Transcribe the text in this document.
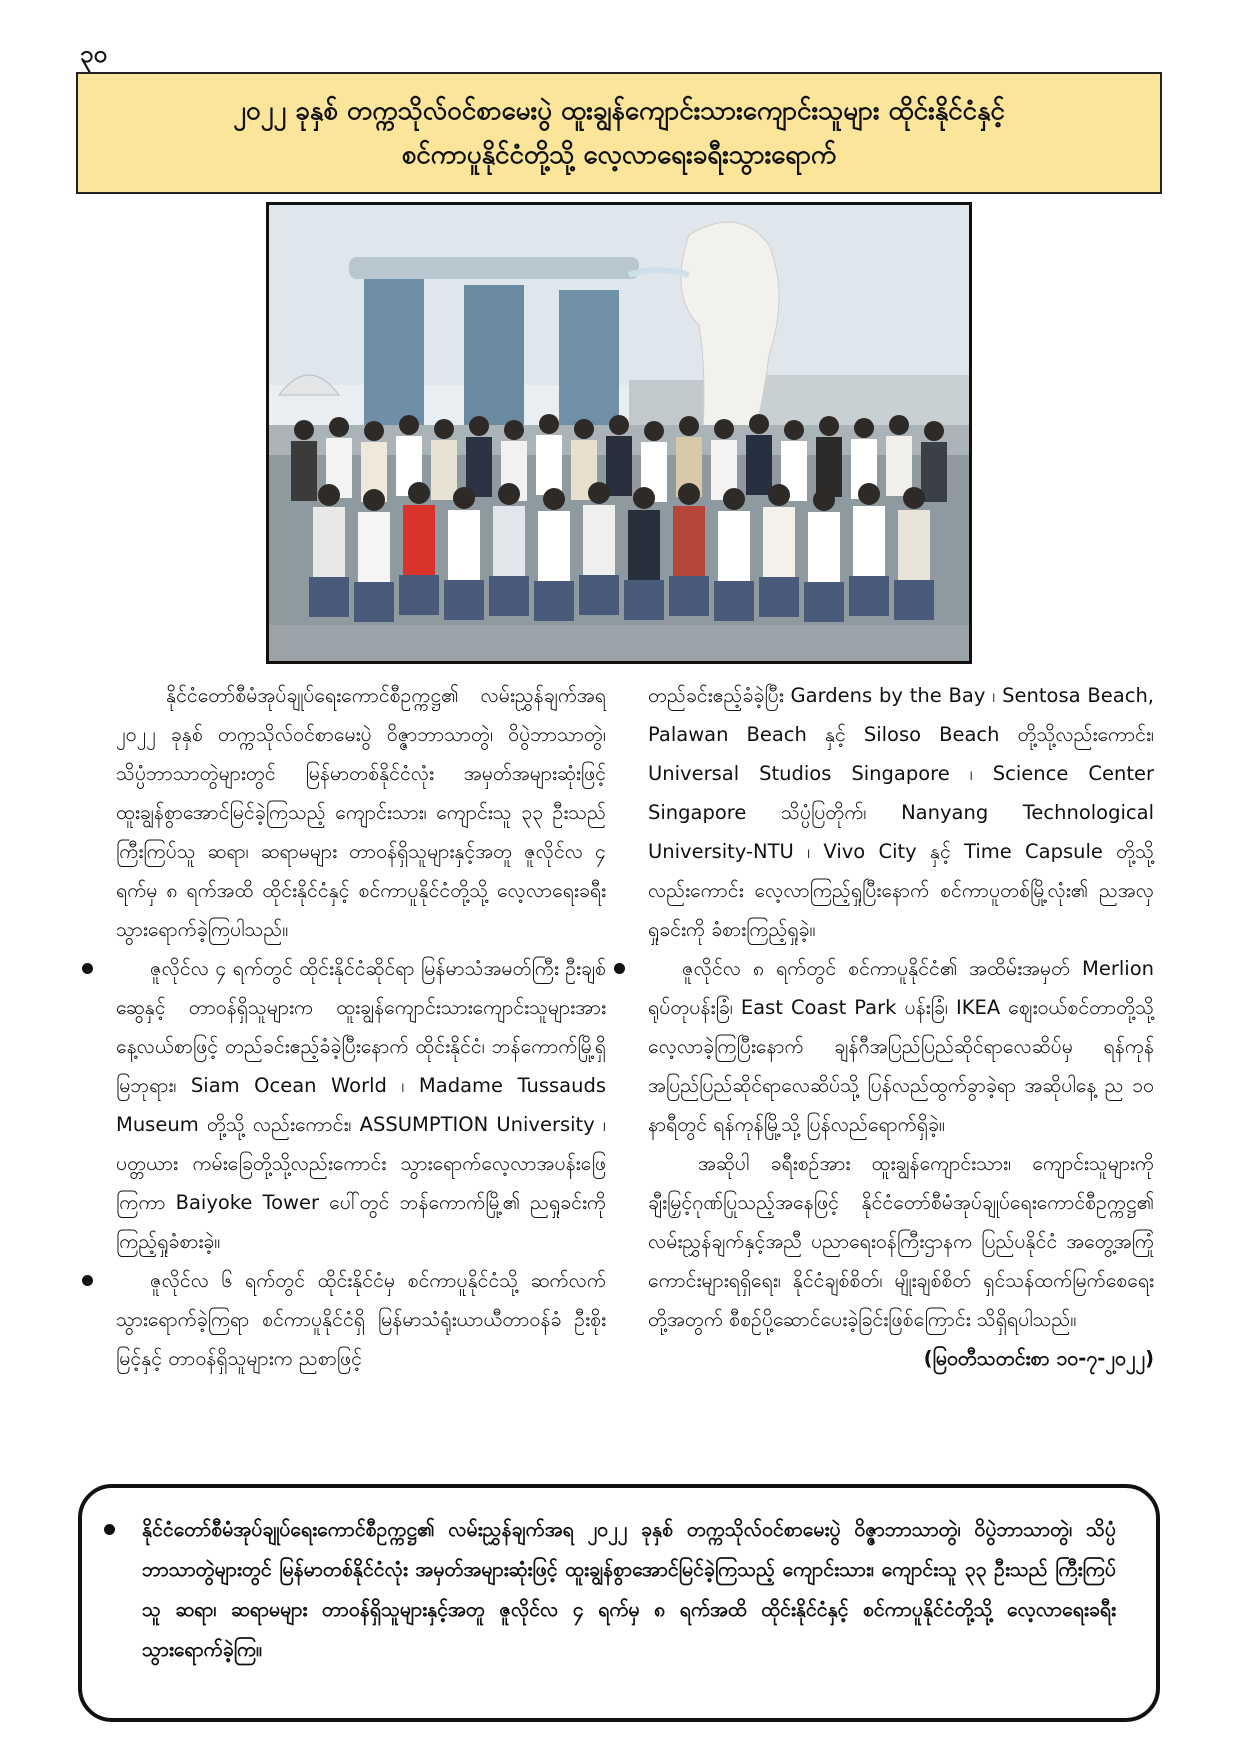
၃၀
၂၀၂၂ ခုနှစ် တက္ကသိုလ်ဝင်စာမေးပွဲ ထူးချွန်ကျောင်းသားကျောင်းသူများ ထိုင်းနိုင်ငံနှင့်
စင်ကာပူနိုင်ငံတို့သို့ လေ့လာရေးခရီးသွားရောက်

နိုင်ငံတော်စီမံအုပ်ချုပ်ရေးကောင်စီဥက္ကဋ္ဌ၏ လမ်းညွှန်ချက်အရ ၂၀၂၂ ခုနှစ် တက္ကသိုလ်ဝင်စာမေးပွဲ ဝိဇ္ဇာဘာသာတွဲ၊ ဝိပွဲဘာသာတွဲ၊ သိပ္ပံဘာသာတွဲများတွင် မြန်မာတစ်နိုင်ငံလုံး အမှတ်အများဆုံးဖြင့် ထူးချွန်စွာအောင်မြင်ခဲ့ကြသည့် ကျောင်းသား၊ ကျောင်းသူ ၃၃ ဦးသည် ကြီးကြပ်သူ ဆရာ၊ ဆရာမများ တာဝန်ရှိသူများနှင့်အတူ ဇူလိုင်လ ၄ ရက်မှ ၈ ရက်အထိ ထိုင်းနိုင်ငံနှင့် စင်ကာပူနိုင်ငံတို့သို့ လေ့လာရေးခရီး သွားရောက်ခဲ့ကြပါသည်။

ဇူလိုင်လ ၄ ရက်တွင် ထိုင်းနိုင်ငံဆိုင်ရာ မြန်မာသံအမတ်ကြီး ဦးချစ်ဆွေနှင့် တာဝန်ရှိသူများက ထူးချွန်ကျောင်းသားကျောင်းသူများအား နေ့လယ်စာဖြင့် တည်ခင်းဧည့်ခံခဲ့ပြီးနောက် ထိုင်းနိုင်ငံ၊ ဘန်ကောက်မြို့ရှိ မြဘုရား၊ Siam Ocean World ၊ Madame Tussauds Museum တို့သို့ လည်းကောင်း၊ ASSUMPTION University ၊ ပတ္တယား ကမ်းခြေတို့သို့လည်းကောင်း သွားရောက်လေ့လာအပန်းဖြေကြကာ Baiyoke Tower ပေါ်တွင် ဘန်ကောက်မြို့၏ ညရှုခင်းကို ကြည့်ရှုခံစားခဲ့။

ဇူလိုင်လ ၆ ရက်တွင် ထိုင်းနိုင်ငံမှ စင်ကာပူနိုင်ငံသို့ ဆက်လက်သွားရောက်ခဲ့ကြရာ စင်ကာပူနိုင်ငံရှိ မြန်မာသံရုံးယာယီတာဝန်ခံ ဦးစိုးမြင့်နှင့် တာဝန်ရှိသူများက ညစာဖြင့်

တည်ခင်းဧည့်ခံခဲ့ပြီး Gardens by the Bay ၊ Sentosa Beach, Palawan Beach နှင့် Siloso Beach တို့သို့လည်းကောင်း၊ Universal Studios Singapore ၊ Science Center Singapore သိပ္ပံပြတိုက်၊ Nanyang Technological University-NTU ၊ Vivo City နှင့် Time Capsule တို့သို့လည်းကောင်း လေ့လာကြည့်ရှုပြီးနောက် စင်ကာပူတစ်မြို့လုံး၏ ညအလှရှုခင်းကို ခံစားကြည့်ရှုခဲ့။

ဇူလိုင်လ ၈ ရက်တွင် စင်ကာပူနိုင်ငံ၏ အထိမ်းအမှတ် Merlion ရုပ်တုပန်းခြံ၊ East Coast Park ပန်းခြံ၊ IKEA ဈေးဝယ်စင်တာတို့သို့ လေ့လာခဲ့ကြပြီးနောက် ချန်ဂီအပြည်ပြည်ဆိုင်ရာလေဆိပ်မှ ရန်ကုန်အပြည်ပြည်ဆိုင်ရာလေဆိပ်သို့ ပြန်လည်ထွက်ခွာခဲ့ရာ အဆိုပါနေ့ ည ၁၀ နာရီတွင် ရန်ကုန်မြို့သို့ ပြန်လည်ရောက်ရှိခဲ့။

အဆိုပါ ခရီးစဉ်အား ထူးချွန်ကျောင်းသား၊ ကျောင်းသူများကို ချီးမြှင့်ဂုဏ်ပြုသည့်အနေဖြင့် နိုင်ငံတော်စီမံအုပ်ချုပ်ရေးကောင်စီဥက္ကဋ္ဌ၏ လမ်းညွှန်ချက်နှင့်အညီ ပညာရေးဝန်ကြီးဌာနက ပြည်ပနိုင်ငံ အတွေ့အကြုံကောင်းများရရှိရေး၊ နိုင်ငံချစ်စိတ်၊ မျိုးချစ်စိတ် ရှင်သန်ထက်မြက်စေရေးတို့အတွက် စီစဉ်ပို့ဆောင်ပေးခဲ့ခြင်းဖြစ်ကြောင်း သိရှိရပါသည်။

(မြဝတီသတင်းစာ ၁၀-၇-၂၀၂၂)

နိုင်ငံတော်စီမံအုပ်ချုပ်ရေးကောင်စီဥက္ကဋ္ဌ၏ လမ်းညွှန်ချက်အရ ၂၀၂၂ ခုနှစ် တက္ကသိုလ်ဝင်စာမေးပွဲ ဝိဇ္ဇာဘာသာတွဲ၊ ဝိပွဲဘာသာတွဲ၊ သိပ္ပံဘာသာတွဲများတွင် မြန်မာတစ်နိုင်ငံလုံး အမှတ်အများဆုံးဖြင့် ထူးချွန်စွာအောင်မြင်ခဲ့ကြသည့် ကျောင်းသား၊ ကျောင်းသူ ၃၃ ဦးသည် ကြီးကြပ်သူ ဆရာ၊ ဆရာမများ တာဝန်ရှိသူများနှင့်အတူ ဇူလိုင်လ ၄ ရက်မှ ၈ ရက်အထိ ထိုင်းနိုင်ငံနှင့် စင်ကာပူနိုင်ငံတို့သို့ လေ့လာရေးခရီး သွားရောက်ခဲ့ကြ။
